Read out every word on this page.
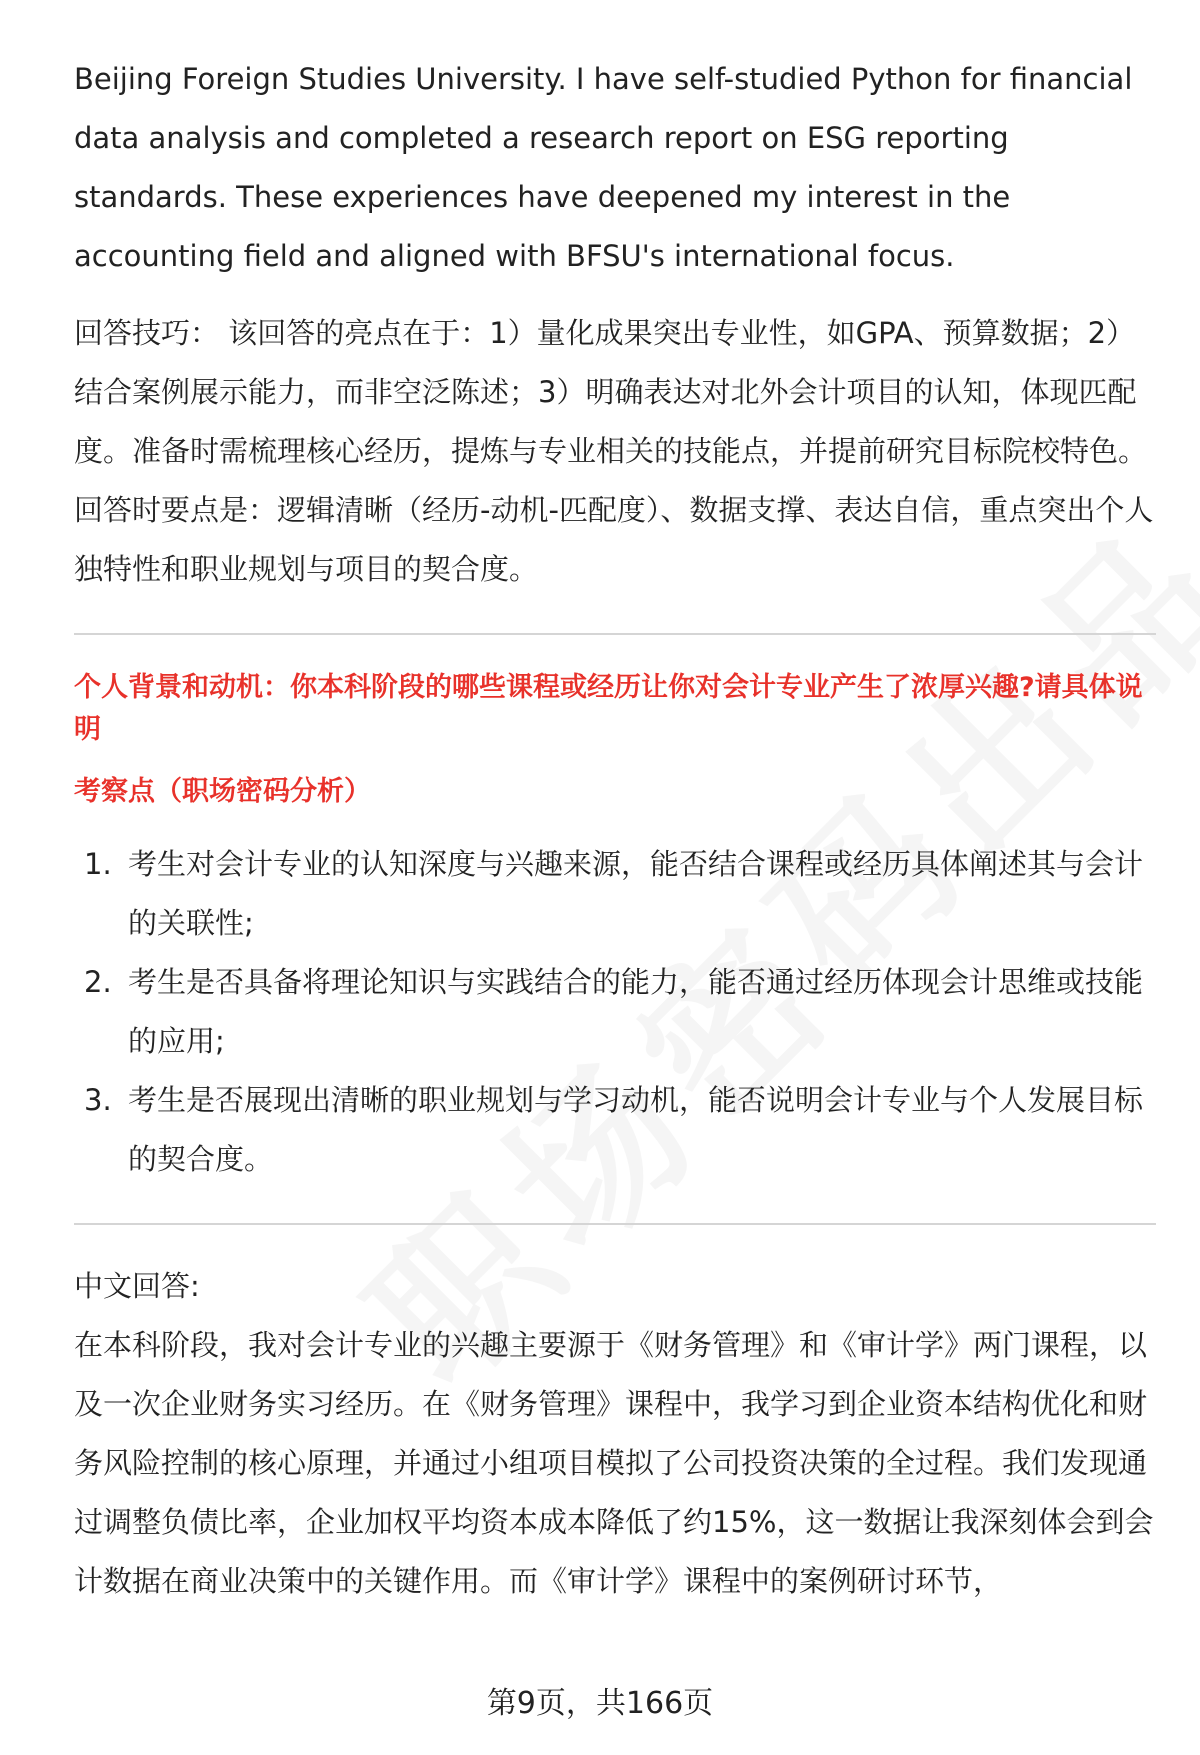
Beijing Foreign Studies University. I have self-studied Python for financial data analysis and completed a research report on ESG reporting standards. These experiences have deepened my interest in the accounting field and aligned with BFSU's international focus.

回答技巧： 该回答的亮点在于：1）量化成果突出专业性，如GPA、预算数据；2）结合案例展示能力，而非空泛陈述；3）明确表达对北外会计项目的认知，体现匹配度。准备时需梳理核心经历，提炼与专业相关的技能点，并提前研究目标院校特色。回答时要点是：逻辑清晰（经历-动机-匹配度）、数据支撑、表达自信，重点突出个人独特性和职业规划与项目的契合度。

个人背景和动机：你本科阶段的哪些课程或经历让你对会计专业产生了浓厚兴趣?请具体说明

考察点（职场密码分析）

1. 考生对会计专业的认知深度与兴趣来源，能否结合课程或经历具体阐述其与会计的关联性;
2. 考生是否具备将理论知识与实践结合的能力，能否通过经历体现会计思维或技能的应用;
3. 考生是否展现出清晰的职业规划与学习动机，能否说明会计专业与个人发展目标的契合度。

中文回答:

在本科阶段，我对会计专业的兴趣主要源于《财务管理》和《审计学》两门课程，以及一次企业财务实习经历。在《财务管理》课程中，我学习到企业资本结构优化和财务风险控制的核心原理，并通过小组项目模拟了公司投资决策的全过程。我们发现通过调整负债比率，企业加权平均资本成本降低了约15%，这一数据让我深刻体会到会计数据在商业决策中的关键作用。而《审计学》课程中的案例研讨环节，

第9页，共166页
